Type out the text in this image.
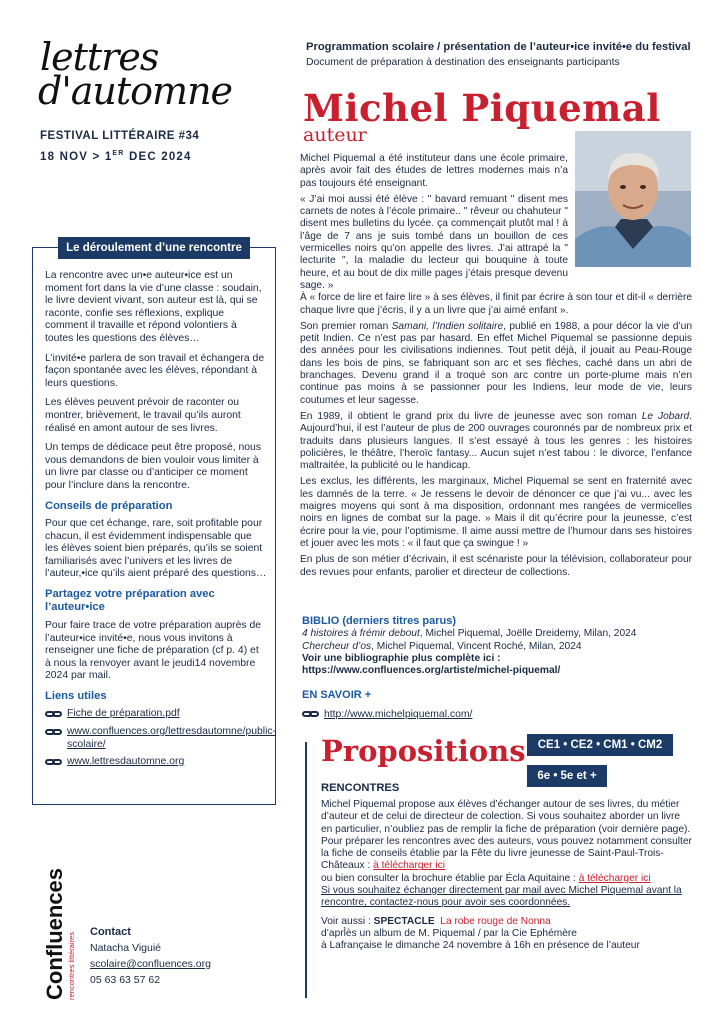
lettres
d'automne
FESTIVAL LITTÉRAIRE #34
18 NOV > 1ER DEC 2024
Le déroulement d’une rencontre

La rencontre avec un•e auteur•ice est un moment fort dans la vie d’une classe : soudain, le livre devient vivant, son auteur est là, qui se raconte, confie ses réflexions, explique comment il travaille et répond volontiers à toutes les questions des élèves…

L’invité•e parlera de son travail et échangera de façon spontanée avec les élèves, répondant à leurs questions.

Les élèves peuvent prévoir de raconter ou montrer, brièvement, le travail qu’ils auront réalisé en amont autour de ses livres.

Un temps de dédicace peut être proposé, nous vous demandons de bien vouloir vous limiter à un livre par classe ou d’anticiper ce moment pour l’inclure dans la rencontre.

Conseils de préparation

Pour que cet échange, rare, soit profitable pour chacun, il est évidemment indispensable que les élèves soient bien préparés, qu’ils se soient familiarisés avec l’univers et les livres de l’auteur,•ice qu’ils aient préparé des questions…

Partagez votre préparation avec l’auteur•ice

Pour faire trace de votre préparation auprès de l’auteur•ice invité•e, nous vous invitons à renseigner une fiche de préparation (cf p. 4) et à nous la renvoyer avant le jeudi14 novembre 2024 par mail.

Liens utiles
Fiche de préparation.pdf
www.confluences.org/lettresdautomne/public-scolaire/
www.lettresdautomne.org
Confluences rencontres littéraires
Contact
Natacha Viguié
scolaire@confluences.org
05 63 63 57 62
Programmation scolaire / présentation de l’auteur•ice invité•e du festival
Document de préparation à destination des enseignants participants
Michel Piquemal
auteur

Michel Piquemal a été instituteur dans une école primaire, après avoir fait des études de lettres modernes mais n’a pas toujours été enseignant.

« J’ai moi aussi été élève : " bavard remuant " disent mes carnets de notes à l’école primaire.. " rêveur ou chahuteur " disent mes bulletins du lycée. ça commençait plutôt mal ! à l’âge de 7 ans je suis tombé dans un bouillon de ces vermicelles noirs qu’on appelle des livres. J’ai attrapé la " lecturite ", la maladie du lecteur qui bouquine à toute heure, et au bout de dix mille pages j’étais presque devenu sage. »
À « force de lire et faire lire » à ses élèves, il finit par écrire à son tour et dit-il « derrière chaque livre que j’écris, il y a un livre que j’ai aimé enfant ».

Son premier roman Samani, l’Indien solitaire, publié en 1988, a pour décor la vie d’un petit Indien. Ce n’est pas par hasard. En effet Michel Piquemal se passionne depuis des années pour les civilisations indiennes. Tout petit déjà, il jouait au Peau-Rouge dans les bois de pins, se fabriquant son arc et ses flèches, caché dans un abri de branchages. Devenu grand il a troqué son arc contre un porte-plume mais n’en continue pas moins à se passionner pour les Indiens, leur mode de vie, leurs coutumes et leur sagesse.

En 1989, il obtient le grand prix du livre de jeunesse avec son roman Le Jobard. Aujourd’hui, il est l’auteur de plus de 200 ouvrages couronnés par de nombreux prix et traduits dans plusieurs langues. Il s’est essayé à tous les genres : les histoires policières, le théâtre, l’heroïc fantasy... Aucun sujet n’est tabou : le divorce, l’enfance maltraitée, la publicité ou le handicap.

Les exclus, les différents, les marginaux, Michel Piquemal se sent en fraternité avec les damnés de la terre. « Je ressens le devoir de dénoncer ce que j’ai vu... avec les maigres moyens qui sont à ma disposition, ordonnant mes rangées de vermicelles noirs en lignes de combat sur la page. » Mais il dit qu’écrire pour la jeunesse, c’est écrire pour la vie, pour l’optimisme. Il aime aussi mettre de l’humour dans ses histoires et jouer avec les mots : « il faut que ça swingue ! »

En plus de son métier d’écrivain, il est scénariste pour la télévision, collaborateur pour des revues pour enfants, parolier et directeur de collections.

BIBLIO (derniers titres parus)
4 histoires à frémir debout, Michel Piquemal, Joëlle Dreidemy, Milan, 2024
Chercheur d’os, Michel Piquemal, Vincent Roché, Milan, 2024
Voir une bibliographie plus complète ici : https://www.confluences.org/artiste/michel-piquemal/
EN SAVOIR +
http://www.michelpiquemal.com/
Propositions	CE1 • CE2 • CM1 • CM2
6e • 5e et +
RENCONTRES

Michel Piquemal propose aux élèves d’échanger autour de ses livres, du métier d’auteur et de celui de directeur de colection. Si vous souhaitez aborder un livre en particulier, n’oubliez pas de remplir la fiche de préparation (voir dernière page).

Pour préparer les rencontres avec des auteurs, vous pouvez notamment consulter la fiche de conseils établie par la Fête du livre jeunesse de Saint-Paul-Trois-Châteaux : à télécharger ici

ou bien consulter la brochure établie par Écla Aquitaine : à télécharger ici

Si vous souhaitez échanger directement par mail avec Michel Piquemal avant la rencontre, contactez-nous pour avoir ses coordonnées.

Voir aussi : SPECTACLE La robe rouge de Nonna

d’aprl̀ès un album de M. Piquemal / par la Cie Ephémère

à Lafrançaise le dimanche 24 novembre à 16h en présence de l’auteur
